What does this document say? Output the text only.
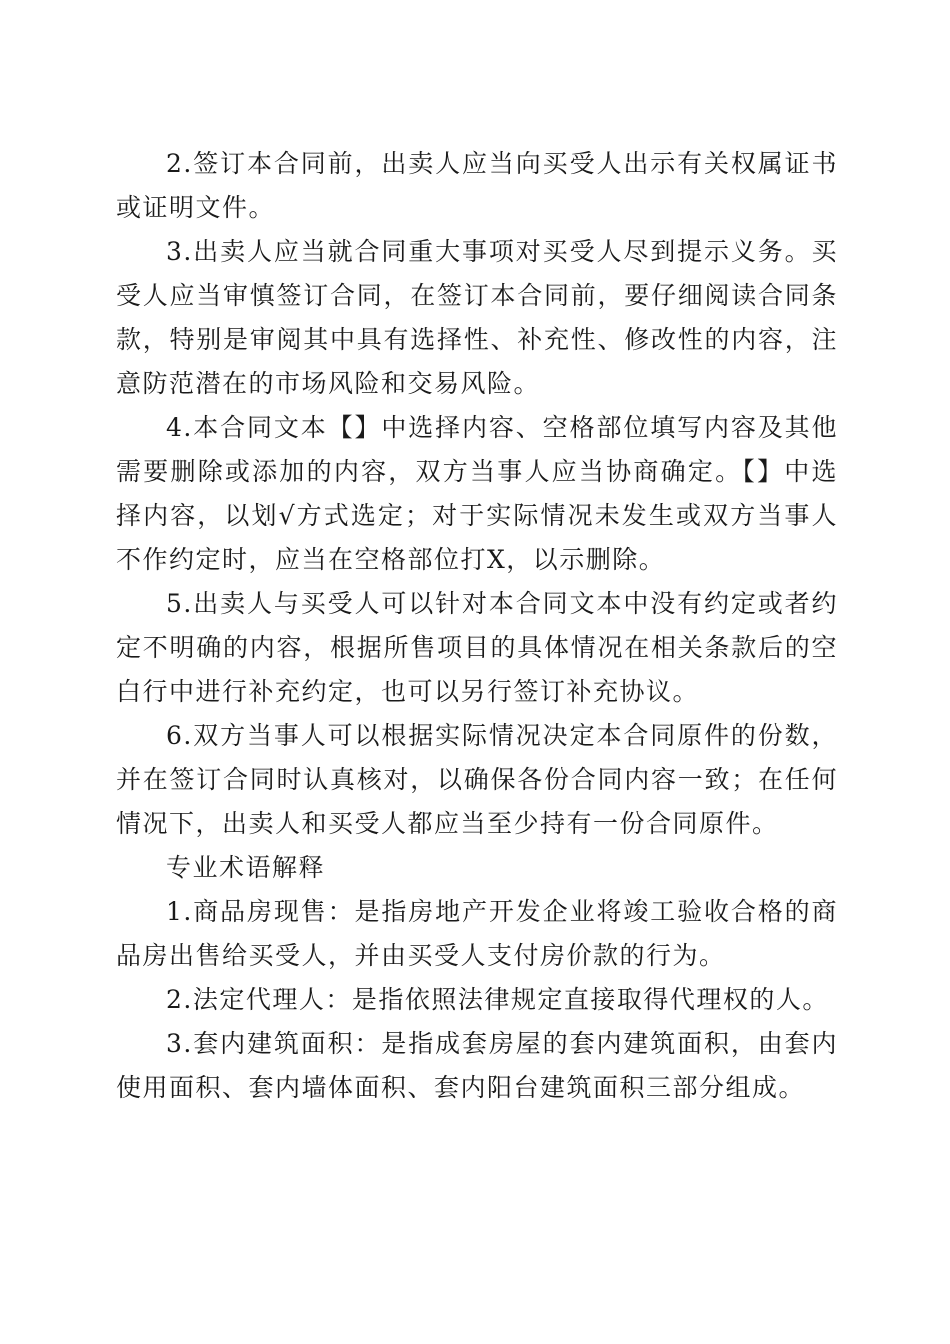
2.签订本合同前，出卖人应当向买受人出示有关权属证书或证明文件。

3.出卖人应当就合同重大事项对买受人尽到提示义务。买受人应当审慎签订合同，在签订本合同前，要仔细阅读合同条款，特别是审阅其中具有选择性、补充性、修改性的内容，注意防范潜在的市场风险和交易风险。

4.本合同文本【】中选择内容、空格部位填写内容及其他需要删除或添加的内容，双方当事人应当协商确定。【】中选择内容，以划√方式选定；对于实际情况未发生或双方当事人不作约定时，应当在空格部位打X，以示删除。

5.出卖人与买受人可以针对本合同文本中没有约定或者约定不明确的内容，根据所售项目的具体情况在相关条款后的空白行中进行补充约定，也可以另行签订补充协议。

6.双方当事人可以根据实际情况决定本合同原件的份数，并在签订合同时认真核对，以确保各份合同内容一致；在任何情况下，出卖人和买受人都应当至少持有一份合同原件。

专业术语解释

1.商品房现售：是指房地产开发企业将竣工验收合格的商品房出售给买受人，并由买受人支付房价款的行为。

2.法定代理人：是指依照法律规定直接取得代理权的人。

3.套内建筑面积：是指成套房屋的套内建筑面积，由套内使用面积、套内墙体面积、套内阳台建筑面积三部分组成。
